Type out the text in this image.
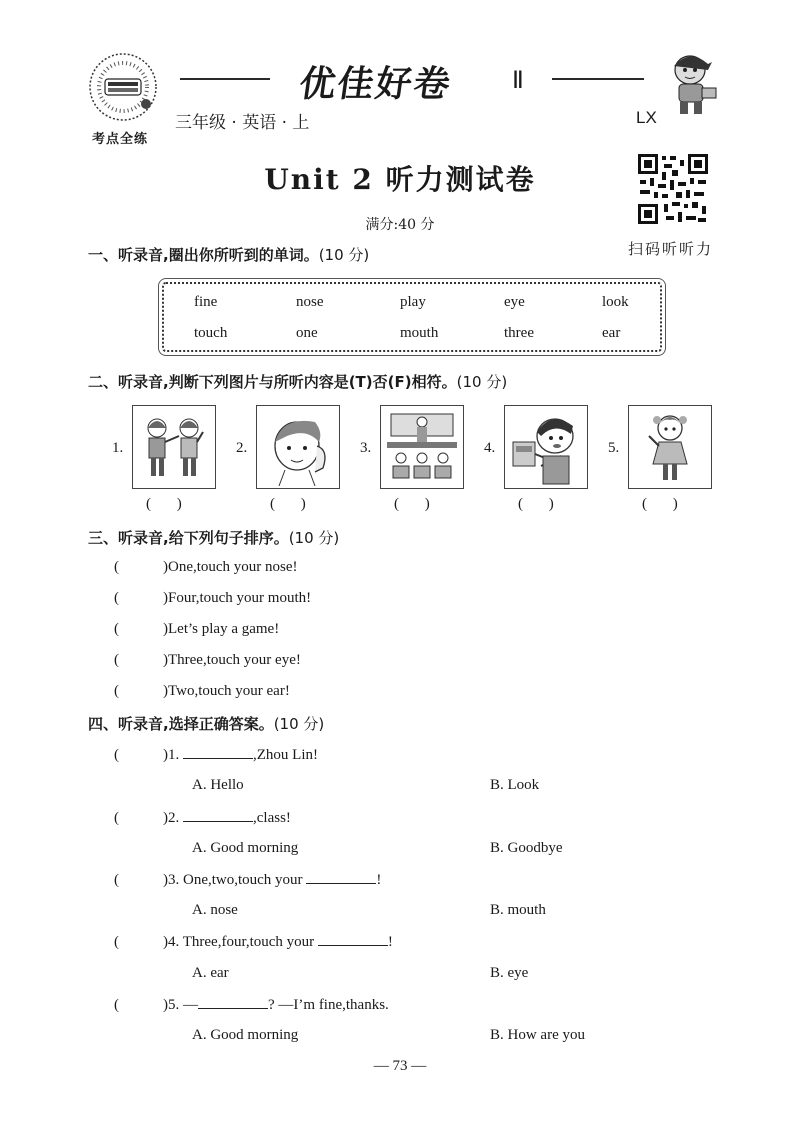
考点全练
优佳好卷 Ⅱ
三年级 · 英语 · 上	LX
Unit 2 听力测试卷
满分:40 分
扫码听听力
一、听录音,圈出你所听到的单词。(10 分)
fine	nose	play	eye	look
touch	one	mouth	three	ear
二、听录音,判断下列图片与所听内容是(T)否(F)相符。(10 分)
1.
( )
2.
( )
3.
( )
4.
( )
5.
( )
三、听录音,给下列句子排序。(10 分)
(	)One,touch your nose!
(	)Four,touch your mouth!
(	)Let’s play a game!
(	)Three,touch your eye!
(	)Two,touch your ear!
四、听录音,选择正确答案。(10 分)
(	)1.	,Zhou Lin!
A. Hello	B. Look
(	)2.	,class!
A. Good morning	B. Goodbye
(	)3. One,two,touch your	!
A. nose	B. mouth
(	)4. Three,four,touch your	!
A. ear	B. eye
(	)5. —	? —I’m fine,thanks.
A. Good morning	B. How are you
— 73 —
